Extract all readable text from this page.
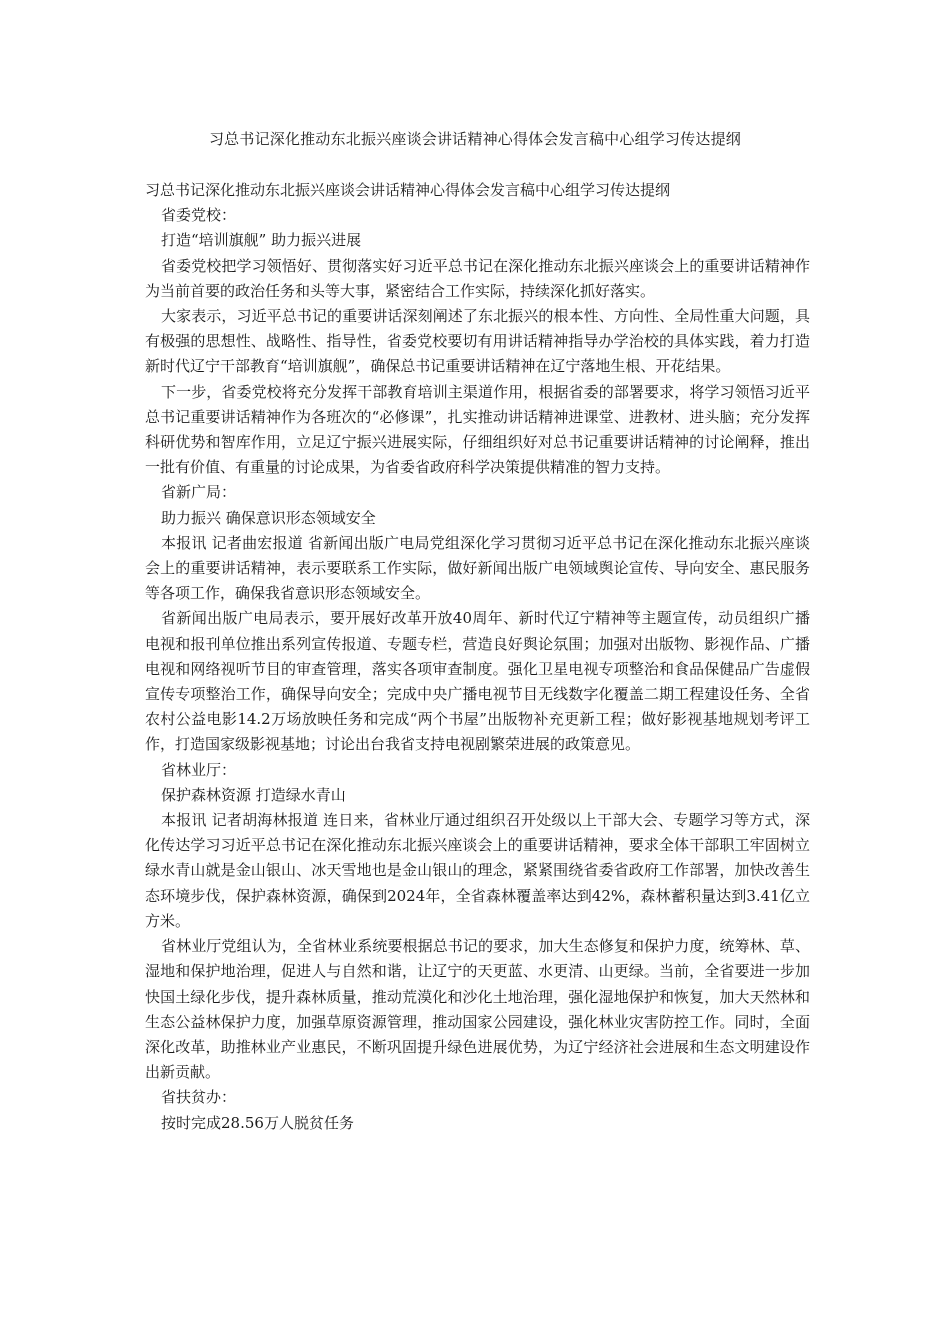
习总书记深化推动东北振兴座谈会讲话精神心得体会发言稿中心组学习传达提纲

习总书记深化推动东北振兴座谈会讲话精神心得体会发言稿中心组学习传达提纲

省委党校：

打造“培训旗舰” 助力振兴进展

省委党校把学习领悟好、贯彻落实好习近平总书记在深化推动东北振兴座谈会上的重要讲话精神作为当前首要的政治任务和头等大事，紧密结合工作实际，持续深化抓好落实。

大家表示，习近平总书记的重要讲话深刻阐述了东北振兴的根本性、方向性、全局性重大问题，具有极强的思想性、战略性、指导性，省委党校要切有用讲话精神指导办学治校的具体实践，着力打造新时代辽宁干部教育“培训旗舰”，确保总书记重要讲话精神在辽宁落地生根、开花结果。

下一步，省委党校将充分发挥干部教育培训主渠道作用，根据省委的部署要求，将学习领悟习近平总书记重要讲话精神作为各班次的“必修课”，扎实推动讲话精神进课堂、进教材、进头脑；充分发挥科研优势和智库作用，立足辽宁振兴进展实际，仔细组织好对总书记重要讲话精神的讨论阐释，推出一批有价值、有重量的讨论成果，为省委省政府科学决策提供精准的智力支持。

省新广局：

助力振兴 确保意识形态领域安全

本报讯 记者曲宏报道 省新闻出版广电局党组深化学习贯彻习近平总书记在深化推动东北振兴座谈会上的重要讲话精神，表示要联系工作实际，做好新闻出版广电领域舆论宣传、导向安全、惠民服务等各项工作，确保我省意识形态领域安全。

省新闻出版广电局表示，要开展好改革开放40周年、新时代辽宁精神等主题宣传，动员组织广播电视和报刊单位推出系列宣传报道、专题专栏，营造良好舆论氛围；加强对出版物、影视作品、广播电视和网络视听节目的审查管理，落实各项审查制度。强化卫星电视专项整治和食品保健品广告虚假宣传专项整治工作，确保导向安全；完成中央广播电视节目无线数字化覆盖二期工程建设任务、全省农村公益电影14.2万场放映任务和完成“两个书屋”出版物补充更新工程；做好影视基地规划考评工作，打造国家级影视基地；讨论出台我省支持电视剧繁荣进展的政策意见。

省林业厅：

保护森林资源 打造绿水青山

本报讯 记者胡海林报道 连日来，省林业厅通过组织召开处级以上干部大会、专题学习等方式，深化传达学习习近平总书记在深化推动东北振兴座谈会上的重要讲话精神，要求全体干部职工牢固树立绿水青山就是金山银山、冰天雪地也是金山银山的理念，紧紧围绕省委省政府工作部署，加快改善生态环境步伐，保护森林资源，确保到2024年，全省森林覆盖率达到42%，森林蓄积量达到3.41亿立方米。

省林业厅党组认为，全省林业系统要根据总书记的要求，加大生态修复和保护力度，统筹林、草、湿地和保护地治理，促进人与自然和谐，让辽宁的天更蓝、水更清、山更绿。当前，全省要进一步加快国土绿化步伐，提升森林质量，推动荒漠化和沙化土地治理，强化湿地保护和恢复，加大天然林和生态公益林保护力度，加强草原资源管理，推动国家公园建设，强化林业灾害防控工作。同时，全面深化改革，助推林业产业惠民，不断巩固提升绿色进展优势，为辽宁经济社会进展和生态文明建设作出新贡献。

省扶贫办：

按时完成28.56万人脱贫任务
